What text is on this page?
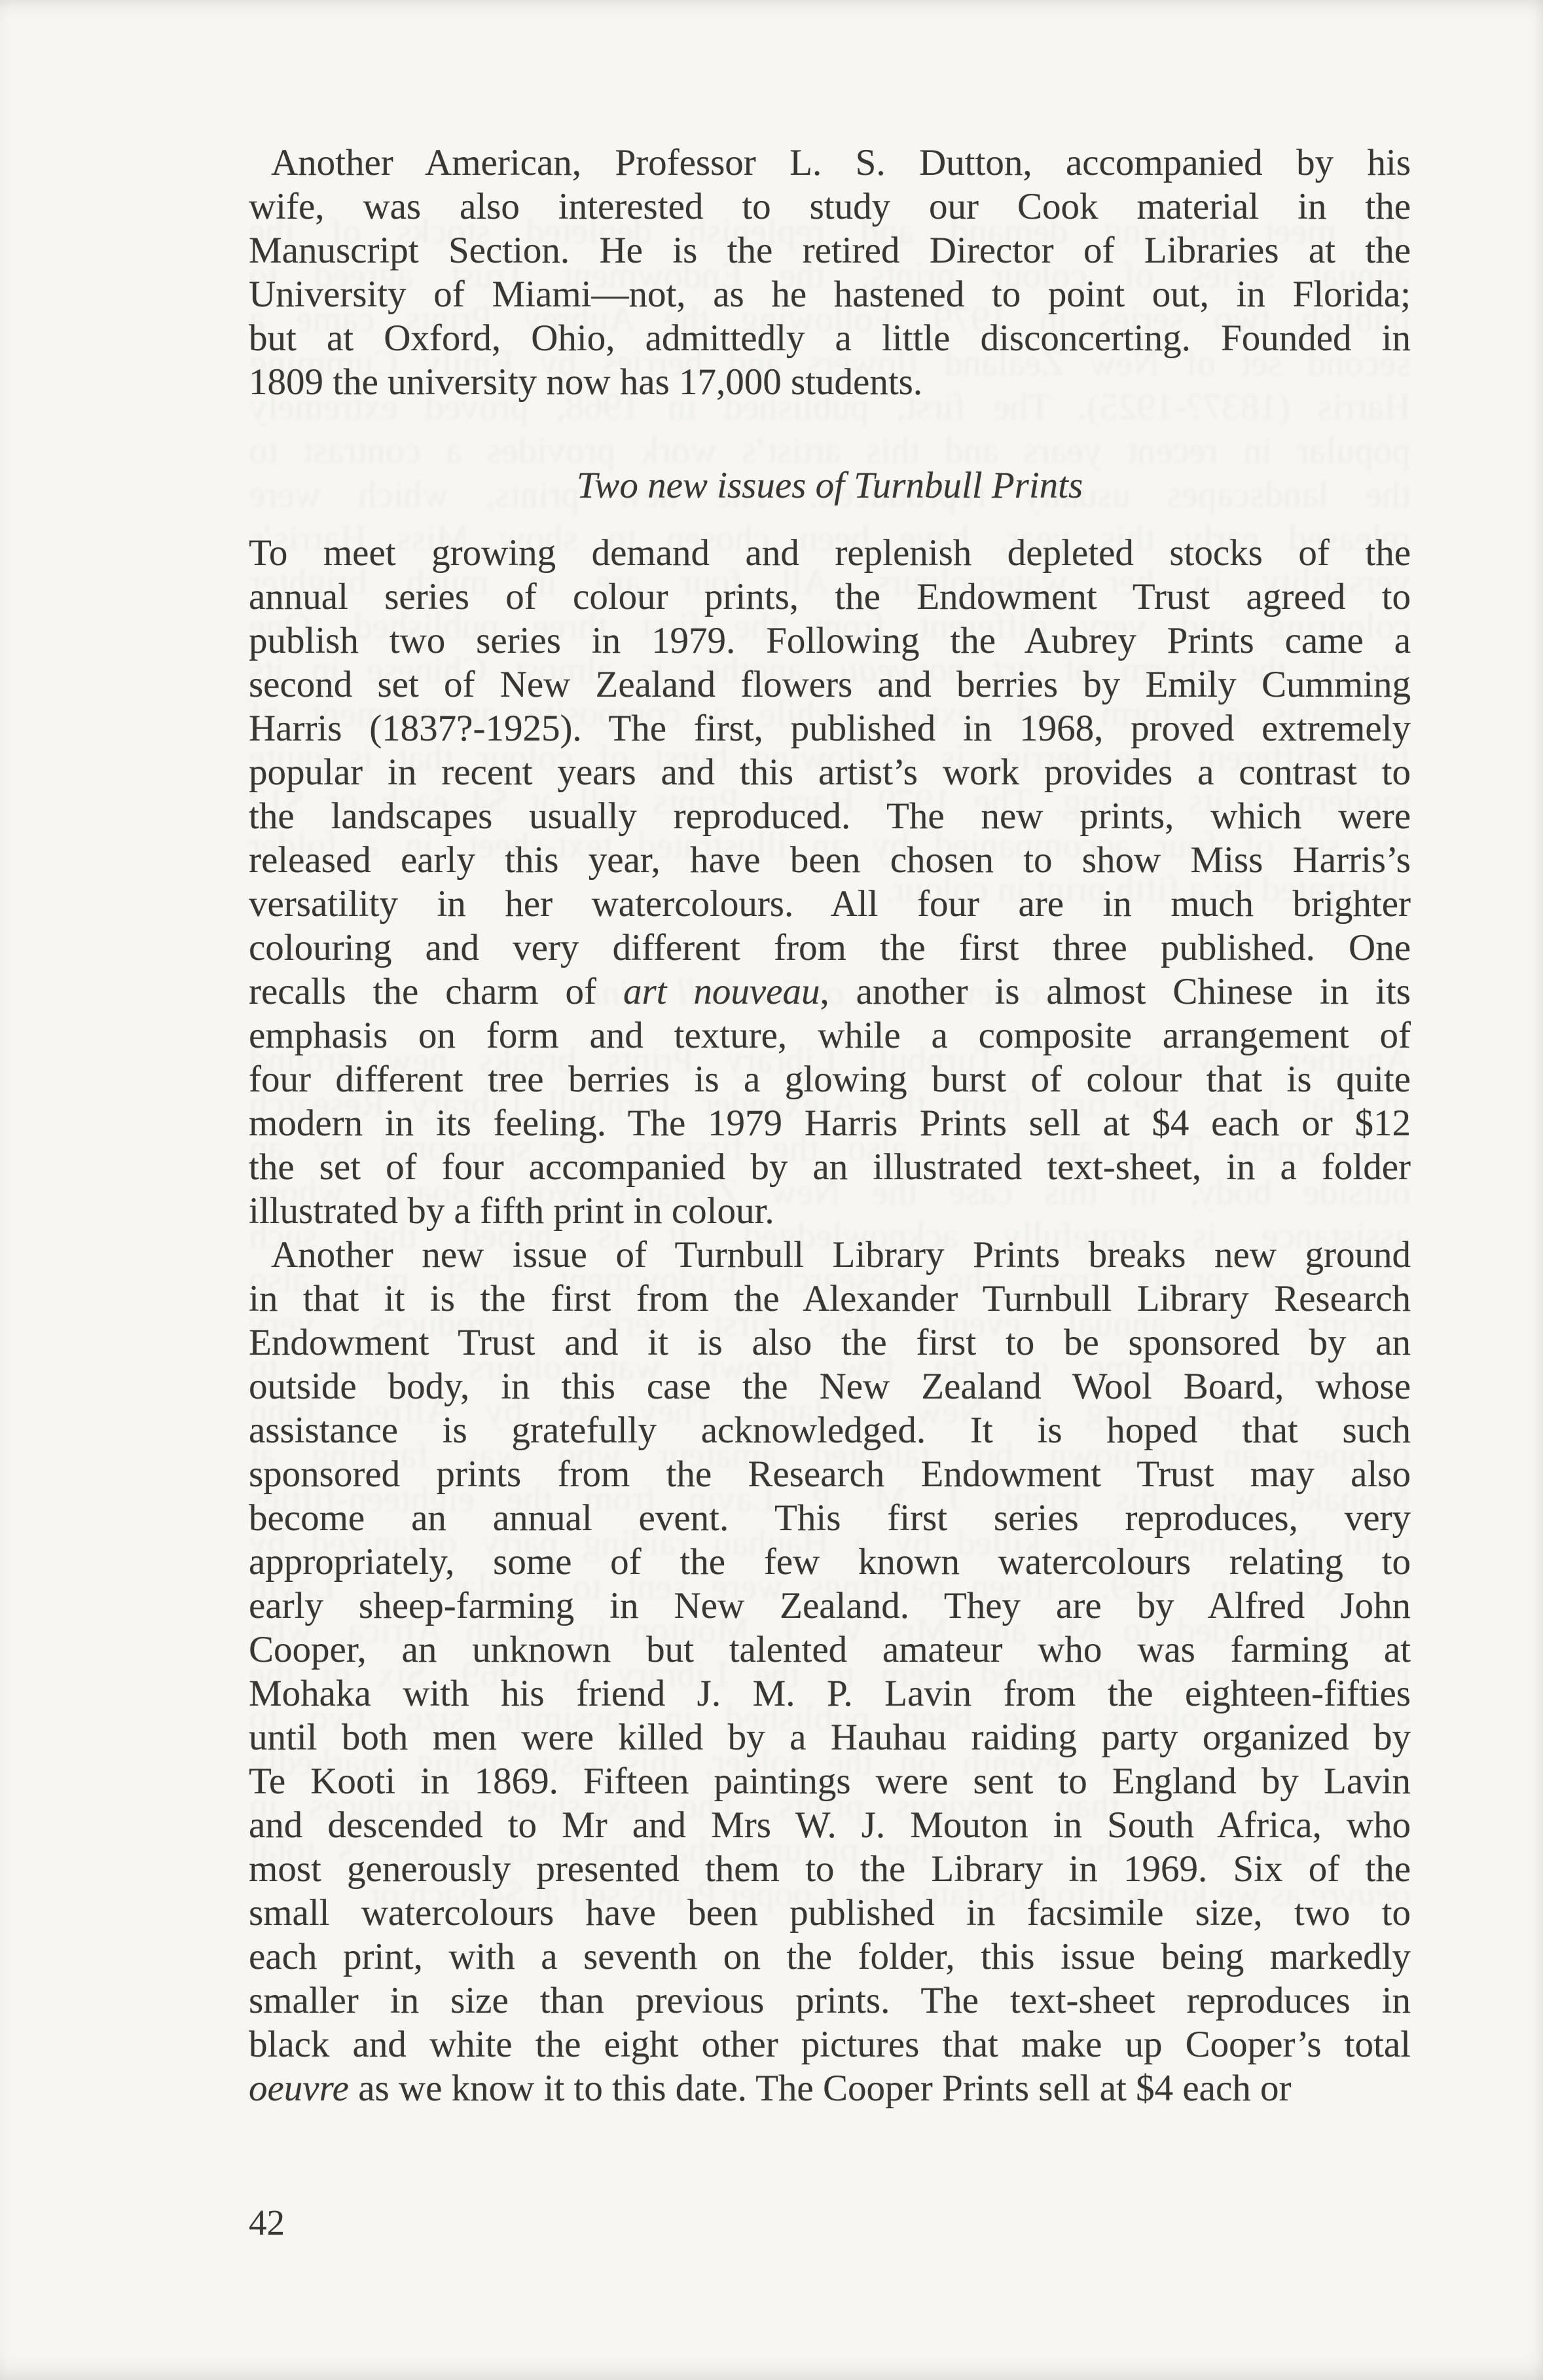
Another American, Professor L. S. Dutton, accompanied by his
wife, was also interested to study our Cook material in the
Manuscript Section. He is the retired Director of Libraries at the
University of Miami—not, as he hastened to point out, in Florida;
but at Oxford, Ohio, admittedly a little disconcerting. Founded in
1809 the university now has 17,000 students.
Two new issues of Turnbull Prints
To meet growing demand and replenish depleted stocks of the
annual series of colour prints, the Endowment Trust agreed to
publish two series in 1979. Following the Aubrey Prints came a
second set of New Zealand flowers and berries by Emily Cumming
Harris (1837?-1925). The first, published in 1968, proved extremely
popular in recent years and this artist’s work provides a contrast to
the landscapes usually reproduced. The new prints, which were
released early this year, have been chosen to show Miss Harris’s
versatility in her watercolours. All four are in much brighter
colouring and very different from the first three published. One
recalls the charm of art nouveau, another is almost Chinese in its
emphasis on form and texture, while a composite arrangement of
four different tree berries is a glowing burst of colour that is quite
modern in its feeling. The 1979 Harris Prints sell at $4 each or $12
the set of four accompanied by an illustrated text-sheet, in a folder
illustrated by a fifth print in colour.
Another new issue of Turnbull Library Prints breaks new ground
in that it is the first from the Alexander Turnbull Library Research
Endowment Trust and it is also the first to be sponsored by an
outside body, in this case the New Zealand Wool Board, whose
assistance is gratefully acknowledged. It is hoped that such
sponsored prints from the Research Endowment Trust may also
become an annual event. This first series reproduces, very
appropriately, some of the few known watercolours relating to
early sheep-farming in New Zealand. They are by Alfred John
Cooper, an unknown but talented amateur who was farming at
Mohaka with his friend J. M. P. Lavin from the eighteen-fifties
until both men were killed by a Hauhau raiding party organized by
Te Kooti in 1869. Fifteen paintings were sent to England by Lavin
and descended to Mr and Mrs W. J. Mouton in South Africa, who
most generously presented them to the Library in 1969. Six of the
small watercolours have been published in facsimile size, two to
each print, with a seventh on the folder, this issue being markedly
smaller in size than previous prints. The text-sheet reproduces in
black and white the eight other pictures that make up Cooper’s total
oeuvre as we know it to this date. The Cooper Prints sell at $4 each or
42
